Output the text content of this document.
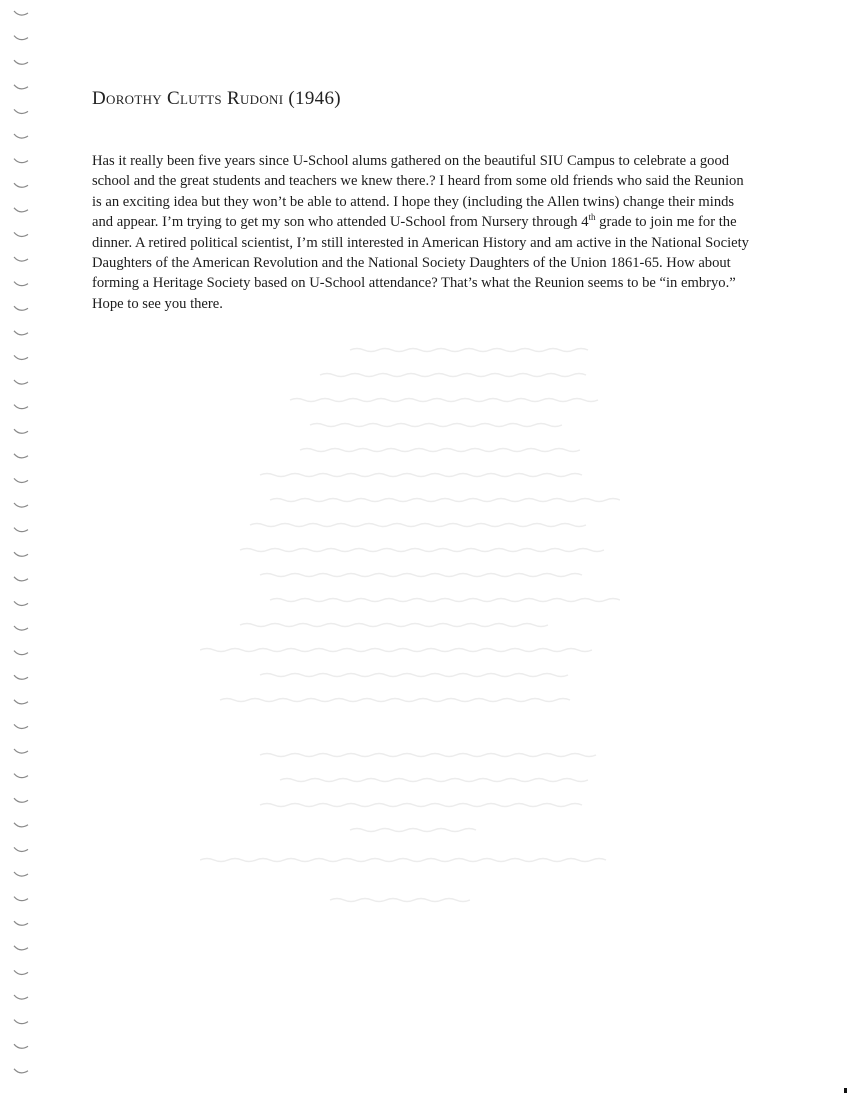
Dorothy Clutts Rudoni (1946)

Has it really been five years since U-School alums gathered on the beautiful SIU Campus to celebrate a good school and the great students and teachers we knew there.? I heard from some old friends who said the Reunion is an exciting idea but they won’t be able to attend. I hope they (including the Allen twins) change their minds and appear. I’m trying to get my son who attended U-School from Nursery through 4th grade to join me for the dinner. A retired political scientist, I’m still interested in American History and am active in the National Society Daughters of the American Revolution and the National Society Daughters of the Union 1861-65. How about forming a Heritage Society based on U-School attendance? That’s what the Reunion seems to be “in embryo.” Hope to see you there.
